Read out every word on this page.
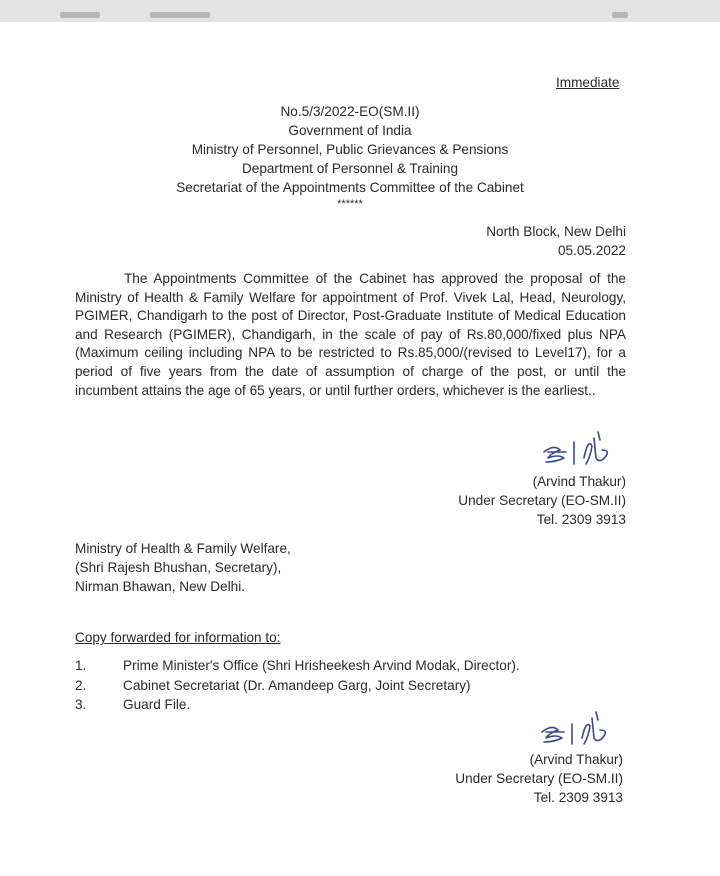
Immediate
No.5/3/2022-EO(SM.II)
Government of India
Ministry of Personnel, Public Grievances & Pensions
Department of Personnel & Training
Secretariat of the Appointments Committee of the Cabinet
******
North Block, New Delhi
05.05.2022
The Appointments Committee of the Cabinet has approved the proposal of the Ministry of Health & Family Welfare for appointment of Prof. Vivek Lal, Head, Neurology, PGIMER, Chandigarh to the post of Director, Post-Graduate Institute of Medical Education and Research (PGIMER), Chandigarh, in the scale of pay of Rs.80,000/fixed plus NPA (Maximum ceiling including NPA to be restricted to Rs.85,000/(revised to Level17), for a period of five years from the date of assumption of charge of the post, or until the incumbent attains the age of 65 years, or until further orders, whichever is the earliest..
(Arvind Thakur)
Under Secretary (EO-SM.II)
Tel. 2309 3913
Ministry of Health & Family Welfare,
(Shri Rajesh Bhushan, Secretary),
Nirman Bhawan, New Delhi.
Copy forwarded for information to:
1.	Prime Minister's Office (Shri Hrisheekesh Arvind Modak, Director).
2.	Cabinet Secretariat (Dr. Amandeep Garg, Joint Secretary)
3.	Guard File.
(Arvind Thakur)
Under Secretary (EO-SM.II)
Tel. 2309 3913
